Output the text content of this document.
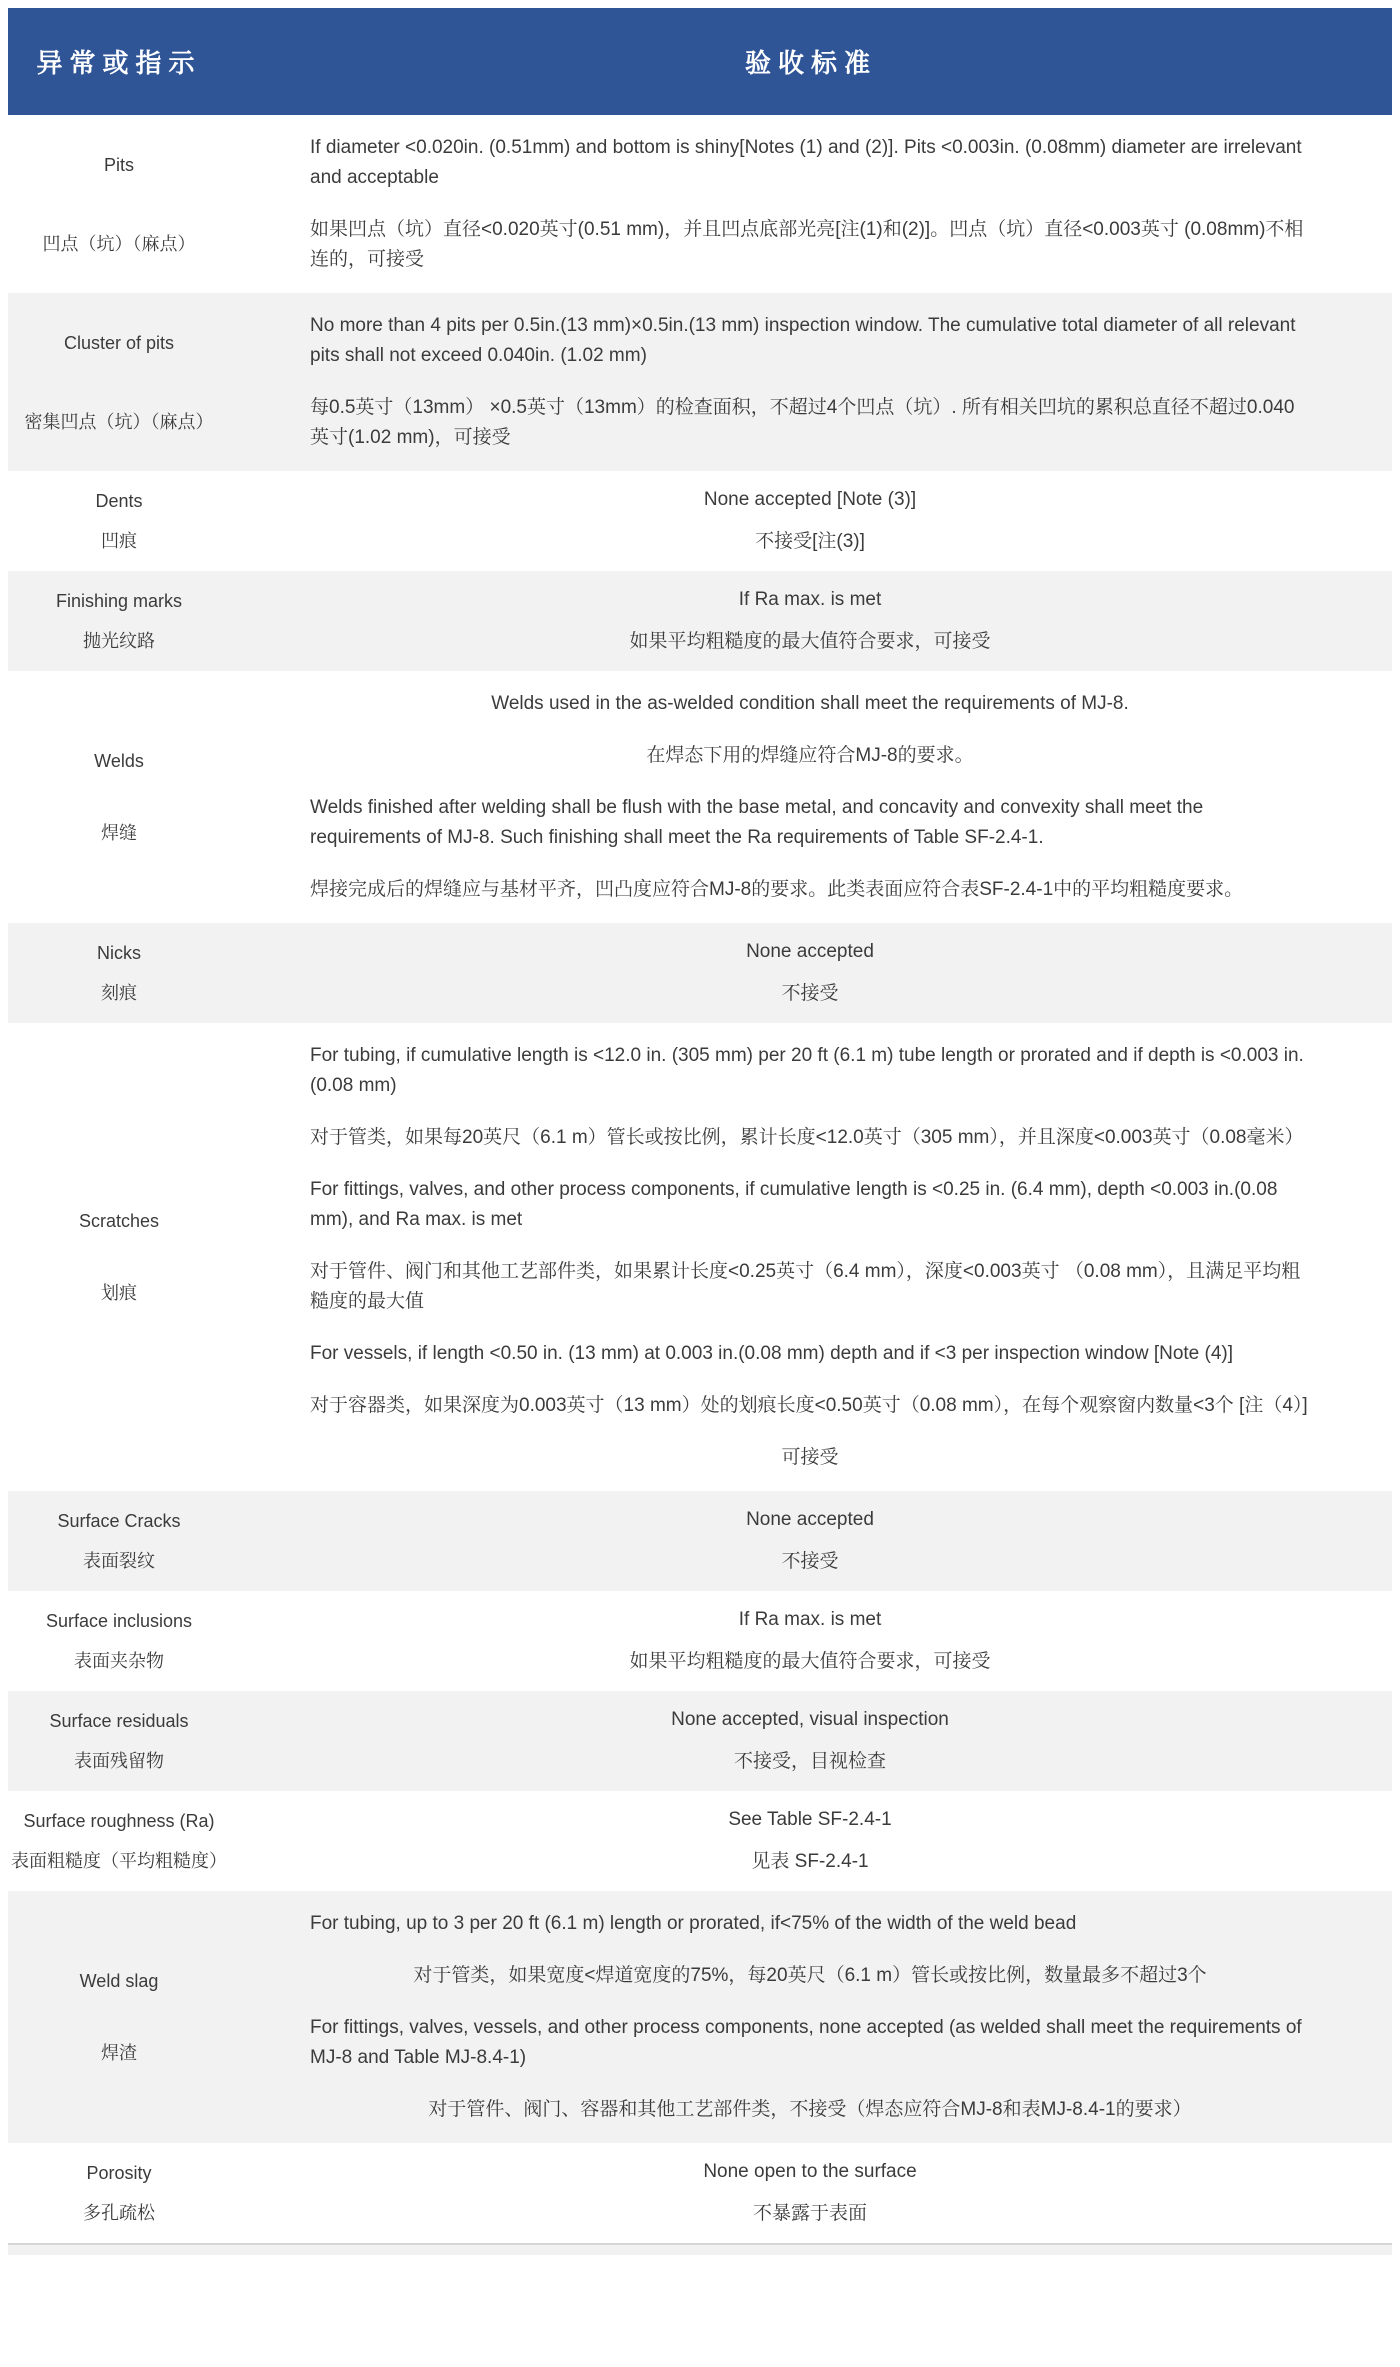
异常或指示	验收标准
Pits
凹点（坑）（麻点）
If diameter <0.020in. (0.51mm) and bottom is shiny[Notes (1) and (2)]. Pits <0.003in. (0.08mm) diameter are irrelevant and acceptable
如果凹点（坑）直径<0.020英寸(0.51 mm)，并且凹点底部光亮[注(1)和(2)]。凹点（坑）直径<0.003英寸 (0.08mm)不相连的，可接受
Cluster of pits
密集凹点（坑）（麻点）
No more than 4 pits per 0.5in.(13 mm)×0.5in.(13 mm) inspection window. The cumulative total diameter of all relevant pits shall not exceed 0.040in. (1.02 mm)
每0.5英寸（13mm） ×0.5英寸（13mm）的检查面积，不超过4个凹点（坑）. 所有相关凹坑的累积总直径不超过0.040英寸(1.02 mm)，可接受
Dents
凹痕
None accepted [Note (3)]
不接受[注(3)]
Finishing marks
抛光纹路
If Ra max. is met
如果平均粗糙度的最大值符合要求，可接受
Welds
焊缝
Welds used in the as-welded condition shall meet the requirements of MJ-8.
在焊态下用的焊缝应符合MJ-8的要求。
Welds finished after welding shall be flush with the base metal, and concavity and convexity shall meet the requirements of MJ-8. Such finishing shall meet the Ra requirements of Table SF-2.4-1.
焊接完成后的焊缝应与基材平齐，凹凸度应符合MJ-8的要求。此类表面应符合表SF-2.4-1中的平均粗糙度要求。
Nicks
刻痕
None accepted
不接受
Scratches
划痕
For tubing, if cumulative length is <12.0 in. (305 mm) per 20 ft (6.1 m) tube length or prorated and if depth is <0.003 in. (0.08 mm)
对于管类，如果每20英尺（6.1 m）管长或按比例，累计长度<12.0英寸（305 mm），并且深度<0.003英寸（0.08毫米）
For fittings, valves, and other process components, if cumulative length is <0.25 in. (6.4 mm), depth <0.003 in.(0.08 mm), and Ra max. is met
对于管件、阀门和其他工艺部件类，如果累计长度<0.25英寸（6.4 mm），深度<0.003英寸 （0.08 mm），且满足平均粗糙度的最大值
For vessels, if length <0.50 in. (13 mm) at 0.003 in.(0.08 mm) depth and if <3 per inspection window [Note (4)]
对于容器类，如果深度为0.003英寸（13 mm）处的划痕长度<0.50英寸（0.08 mm），在每个观察窗内数量<3个 [注（4）]
可接受
Surface Cracks
表面裂纹
None accepted
不接受
Surface inclusions
表面夹杂物
If Ra max. is met
如果平均粗糙度的最大值符合要求，可接受
Surface residuals
表面残留物
None accepted, visual inspection
不接受，目视检查
Surface roughness (Ra)
表面粗糙度（平均粗糙度）
See Table SF-2.4-1
见表 SF-2.4-1
Weld slag
焊渣
For tubing, up to 3 per 20 ft (6.1 m) length or prorated, if<75% of the width of the weld bead
对于管类，如果宽度<焊道宽度的75%，每20英尺（6.1 m）管长或按比例，数量最多不超过3个
For fittings, valves, vessels, and other process components, none accepted (as welded shall meet the requirements of MJ-8 and Table MJ-8.4-1)
对于管件、阀门、容器和其他工艺部件类，不接受（焊态应符合MJ-8和表MJ-8.4-1的要求）
Porosity
多孔疏松
None open to the surface
不暴露于表面
